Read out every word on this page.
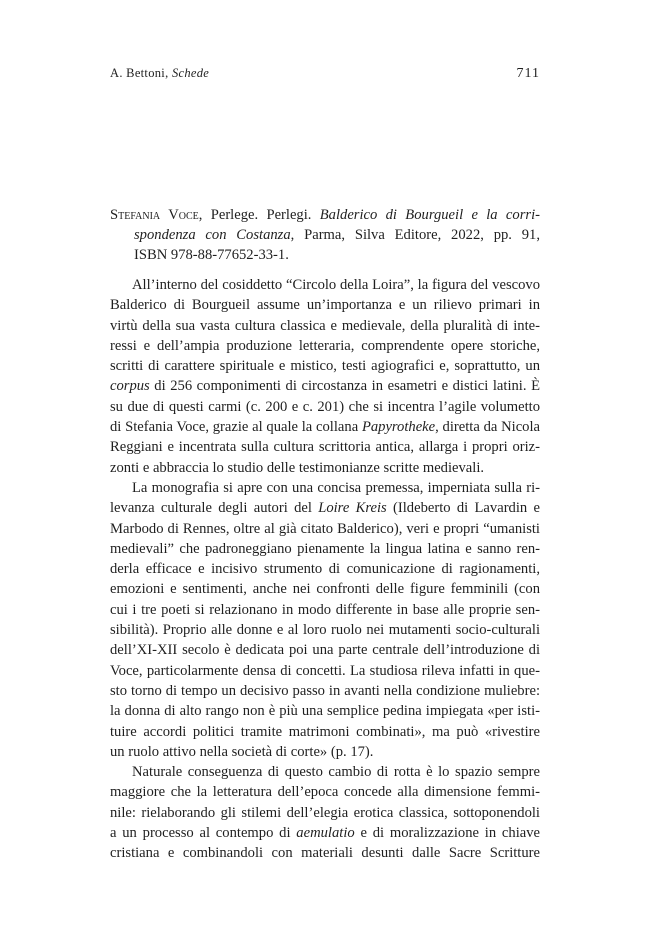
A. Bettoni, Schede	711
Stefania Voce, Perlege. Perlegi. Balderico di Bourgueil e la corri-
spondenza con Costanza, Parma, Silva Editore, 2022, pp. 91,
ISBN 978-88-77652-33-1.

All’interno del cosiddetto “Circolo della Loira”, la figura del vescovo
Balderico di Bourgueil assume un’importanza e un rilievo primari in
virtù della sua vasta cultura classica e medievale, della pluralità di inte-
ressi e dell’ampia produzione letteraria, comprendente opere storiche,
scritti di carattere spirituale e mistico, testi agiografici e, soprattutto, un
corpus di 256 componimenti di circostanza in esametri e distici latini. È
su due di questi carmi (c. 200 e c. 201) che si incentra l’agile volumetto
di Stefania Voce, grazie al quale la collana Papyrotheke, diretta da Nicola
Reggiani e incentrata sulla cultura scrittoria antica, allarga i propri oriz-
zonti e abbraccia lo studio delle testimonianze scritte medievali.

La monografia si apre con una concisa premessa, imperniata sulla ri-
levanza culturale degli autori del Loire Kreis (Ildeberto di Lavardin e
Marbodo di Rennes, oltre al già citato Balderico), veri e propri “umanisti
medievali” che padroneggiano pienamente la lingua latina e sanno ren-
derla efficace e incisivo strumento di comunicazione di ragionamenti,
emozioni e sentimenti, anche nei confronti delle figure femminili (con
cui i tre poeti si relazionano in modo differente in base alle proprie sen-
sibilità). Proprio alle donne e al loro ruolo nei mutamenti socio-culturali
dell’XI-XII secolo è dedicata poi una parte centrale dell’introduzione di
Voce, particolarmente densa di concetti. La studiosa rileva infatti in que-
sto torno di tempo un decisivo passo in avanti nella condizione muliebre:
la donna di alto rango non è più una semplice pedina impiegata «per isti-
tuire accordi politici tramite matrimoni combinati», ma può «rivestire
un ruolo attivo nella società di corte» (p. 17).

Naturale conseguenza di questo cambio di rotta è lo spazio sempre
maggiore che la letteratura dell’epoca concede alla dimensione femmi-
nile: rielaborando gli stilemi dell’elegia erotica classica, sottoponendoli
a un processo al contempo di aemulatio e di moralizzazione in chiave
cristiana e combinandoli con materiali desunti dalle Sacre Scritture
